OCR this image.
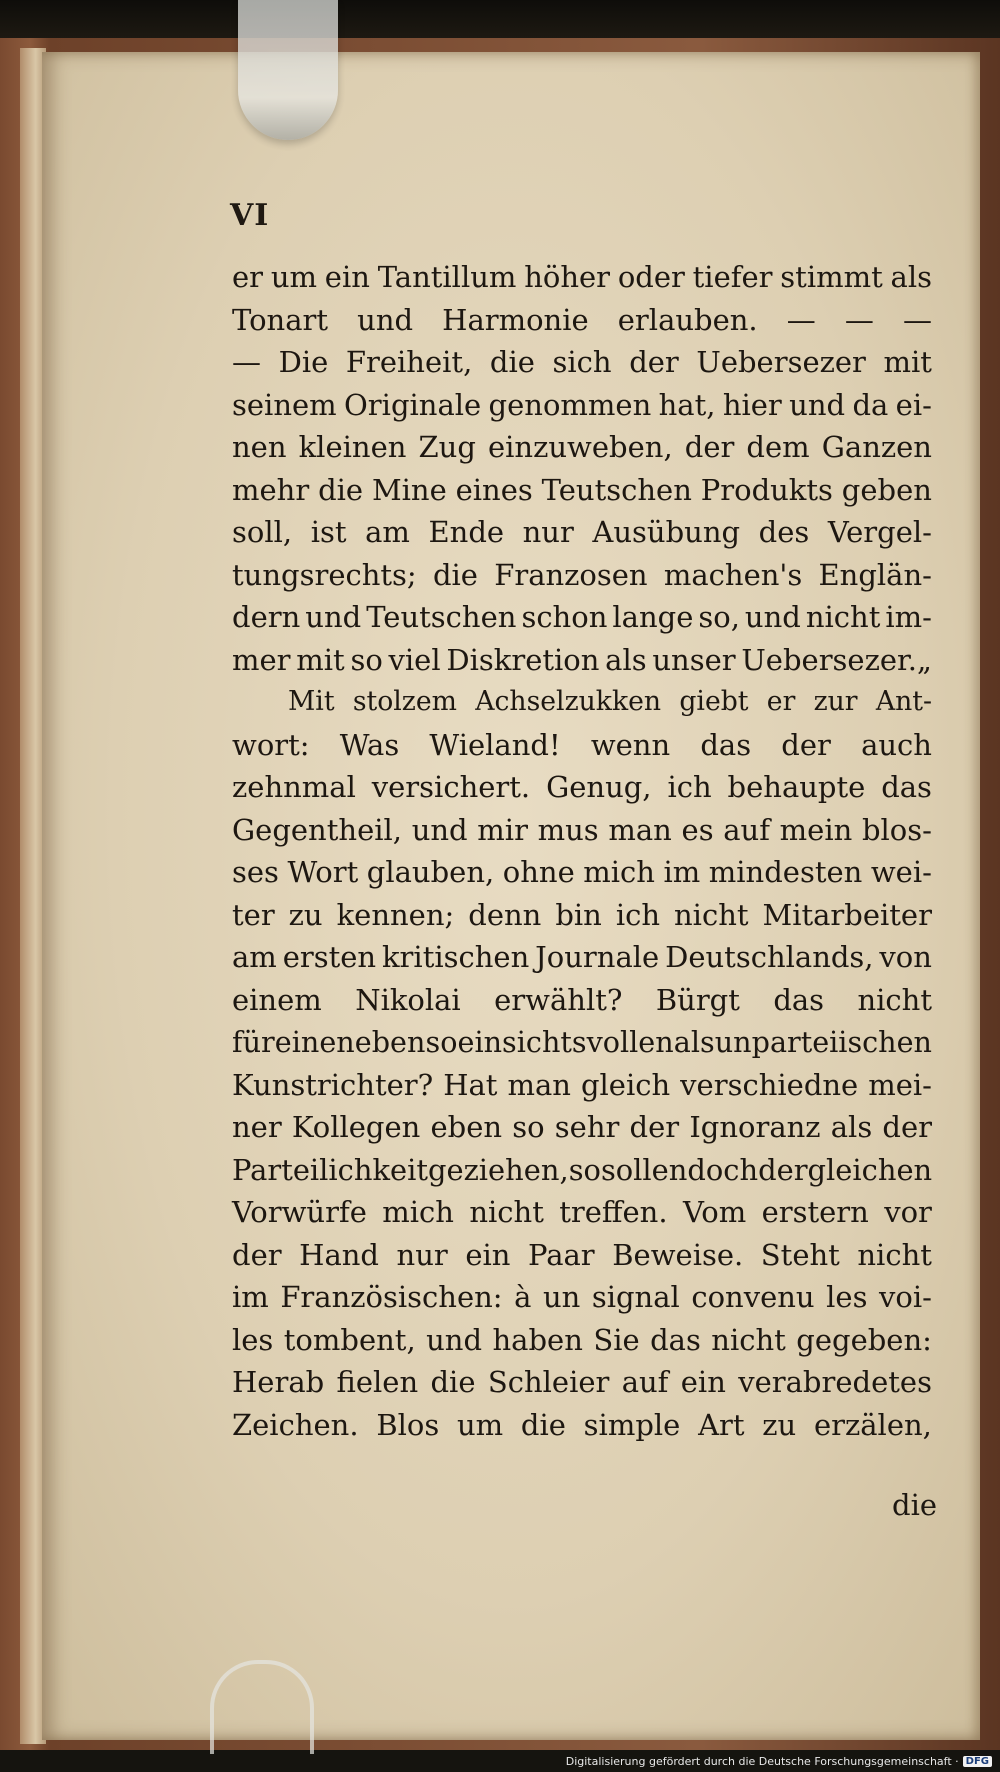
VI
er um ein Tantillum höher oder tiefer stimmt als
Tonart und Harmonie erlauben. — — —
— Die Freiheit, die sich der Uebersezer mit
seinem Originale genommen hat, hier und da ei-
nen kleinen Zug einzuweben, der dem Ganzen
mehr die Mine eines Teutschen Produkts geben
soll, ist am Ende nur Ausübung des Vergel-
tungsrechts; die Franzosen machen's Englän-
dern und Teutschen schon lange so, und nicht im-
mer mit so viel Diskretion als unser Uebersezer.„
Mit stolzem Achselzukken giebt er zur Ant-
wort: Was Wieland! wenn das der auch
zehnmal versichert. Genug, ich behaupte das
Gegentheil, und mir mus man es auf mein blos-
ses Wort glauben, ohne mich im mindesten wei-
ter zu kennen; denn bin ich nicht Mitarbeiter
am ersten kritischen Journale Deutschlands, von
einem Nikolai erwählt? Bürgt das nicht
für einen eben so einsichtsvollen als unparteiischen
Kunstrichter? Hat man gleich verschiedne mei-
ner Kollegen eben so sehr der Ignoranz als der
Parteilichkeit geziehen, so sollen doch dergleichen
Vorwürfe mich nicht treffen. Vom erstern vor
der Hand nur ein Paar Beweise. Steht nicht
im Französischen: à un signal convenu les voi-
les tombent, und haben Sie das nicht gegeben:
Herab fielen die Schleier auf ein verabredetes
Zeichen. Blos um die simple Art zu erzälen,
die
Digitalisierung gefördert durch die Deutsche Forschungsgemeinschaft · DFG
